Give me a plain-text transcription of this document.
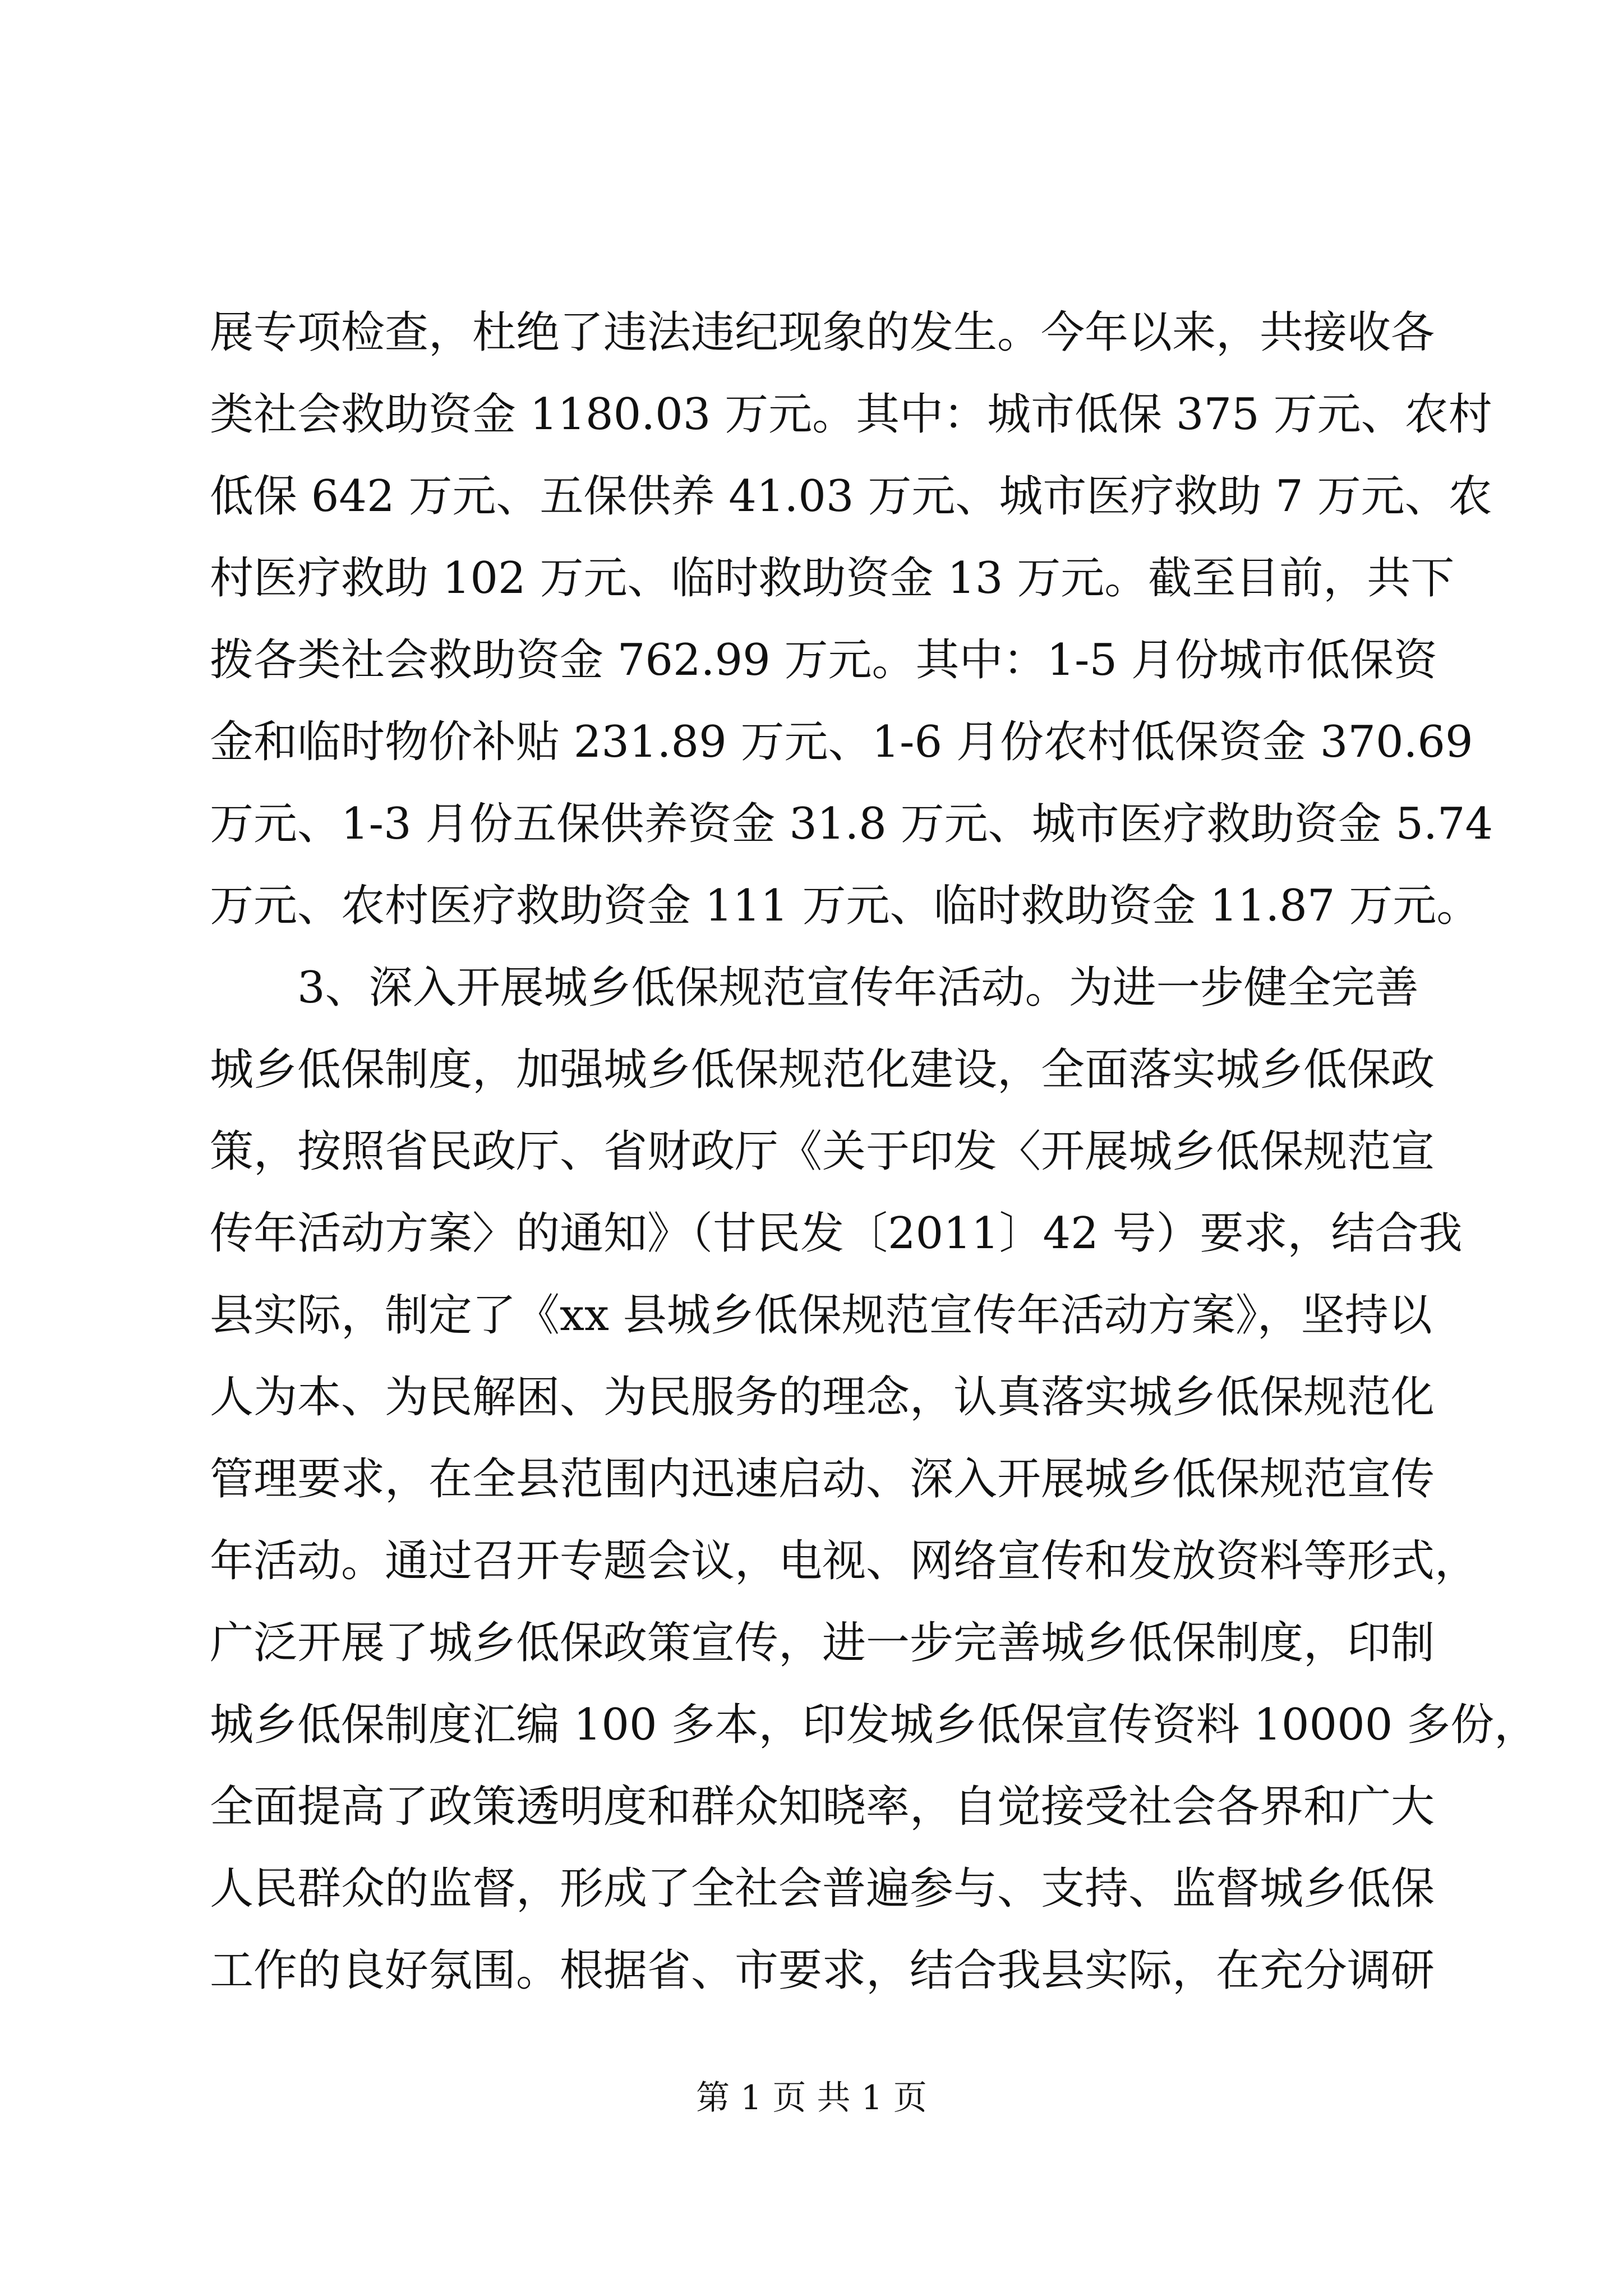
展专项检查，杜绝了违法违纪现象的发生。今年以来，共接收各
类社会救助资金 1180.03 万元。其中：城市低保 375 万元、农村
低保 642 万元、五保供养 41.03 万元、城市医疗救助 7 万元、农
村医疗救助 102 万元、临时救助资金 13 万元。截至目前，共下
拨各类社会救助资金 762.99 万元。其中：1-5 月份城市低保资
金和临时物价补贴 231.89 万元、1-6 月份农村低保资金 370.69
万元、1-3 月份五保供养资金 31.8 万元、城市医疗救助资金 5.74
万元、农村医疗救助资金 111 万元、临时救助资金 11.87 万元。
3、深入开展城乡低保规范宣传年活动。为进一步健全完善
城乡低保制度，加强城乡低保规范化建设，全面落实城乡低保政
策，按照省民政厅、省财政厅《关于印发〈开展城乡低保规范宣
传年活动方案〉的通知》（甘民发〔2011〕42 号）要求，结合我
县实际，制定了《xx 县城乡低保规范宣传年活动方案》，坚持以
人为本、为民解困、为民服务的理念，认真落实城乡低保规范化
管理要求，在全县范围内迅速启动、深入开展城乡低保规范宣传
年活动。通过召开专题会议，电视、网络宣传和发放资料等形式，
广泛开展了城乡低保政策宣传，进一步完善城乡低保制度，印制
城乡低保制度汇编 100 多本，印发城乡低保宣传资料 10000 多份，
全面提高了政策透明度和群众知晓率，自觉接受社会各界和广大
人民群众的监督，形成了全社会普遍参与、支持、监督城乡低保
工作的良好氛围。根据省、市要求，结合我县实际，在充分调研
第 1 页 共 1 页
